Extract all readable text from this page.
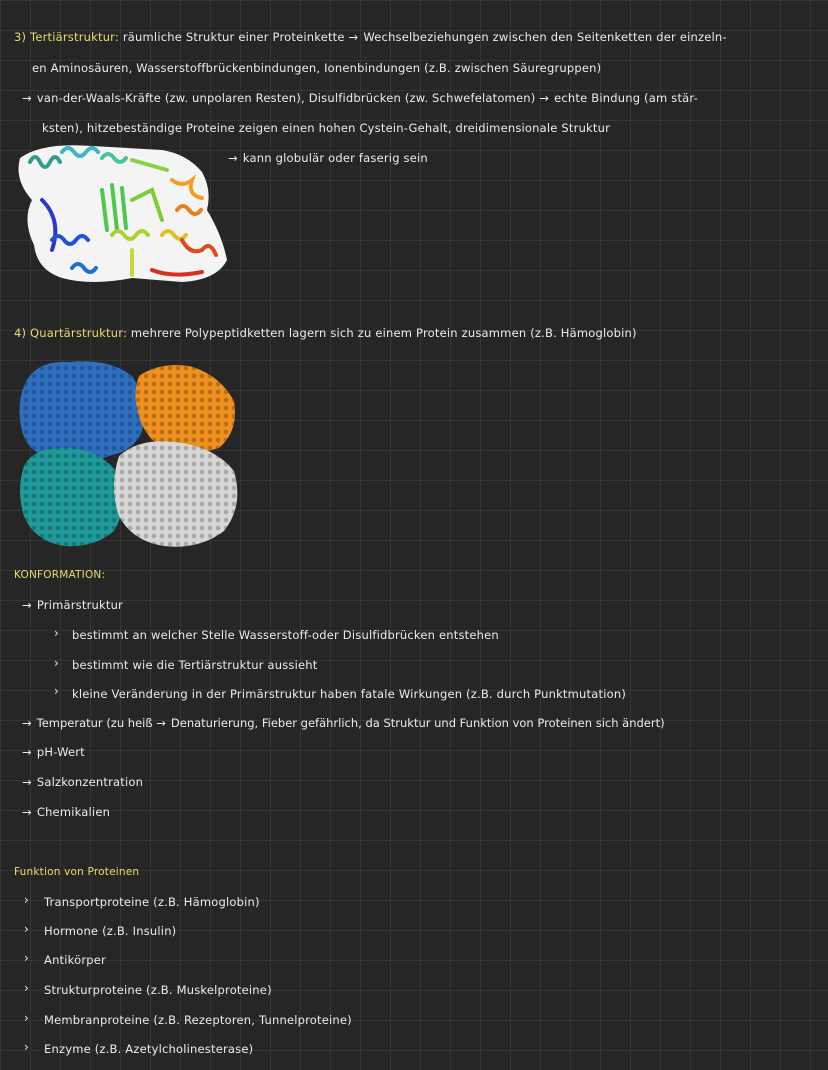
3) Tertiärstruktur: räumliche Struktur einer Proteinkette → Wechselbeziehungen zwischen den Seitenketten der einzeln-
en Aminosäuren, Wasserstoffbrückenbindungen, Ionenbindungen (z.B. zwischen Säuregruppen)
→ van-der-Waals-Kräfte (zw. unpolaren Resten), Disulfidbrücken (zw. Schwefelatomen) → echte Bindung (am stär-
ksten), hitzebeständige Proteine zeigen einen hohen Cystein-Gehalt, dreidimensionale Struktur
→ kann globulär oder faserig sein
4) Quartärstruktur: mehrere Polypeptidketten lagern sich zu einem Protein zusammen (z.B. Hämoglobin)
KONFORMATION:
→ Primärstruktur
› bestimmt an welcher Stelle Wasserstoff-oder Disulfidbrücken entstehen
› bestimmt wie die Tertiärstruktur aussieht
› kleine Veränderung in der Primärstruktur haben fatale Wirkungen (z.B. durch Punktmutation)
→ Temperatur (zu heiß → Denaturierung, Fieber gefährlich, da Struktur und Funktion von Proteinen sich ändert)
→ pH-Wert
→ Salzkonzentration
→ Chemikalien
Funktion von Proteinen
› Transportproteine (z.B. Hämoglobin)
› Hormone (z.B. Insulin)
› Antikörper
› Strukturproteine (z.B. Muskelproteine)
› Membranproteine (z.B. Rezeptoren, Tunnelproteine)
› Enzyme (z.B. Azetylcholinesterase)
